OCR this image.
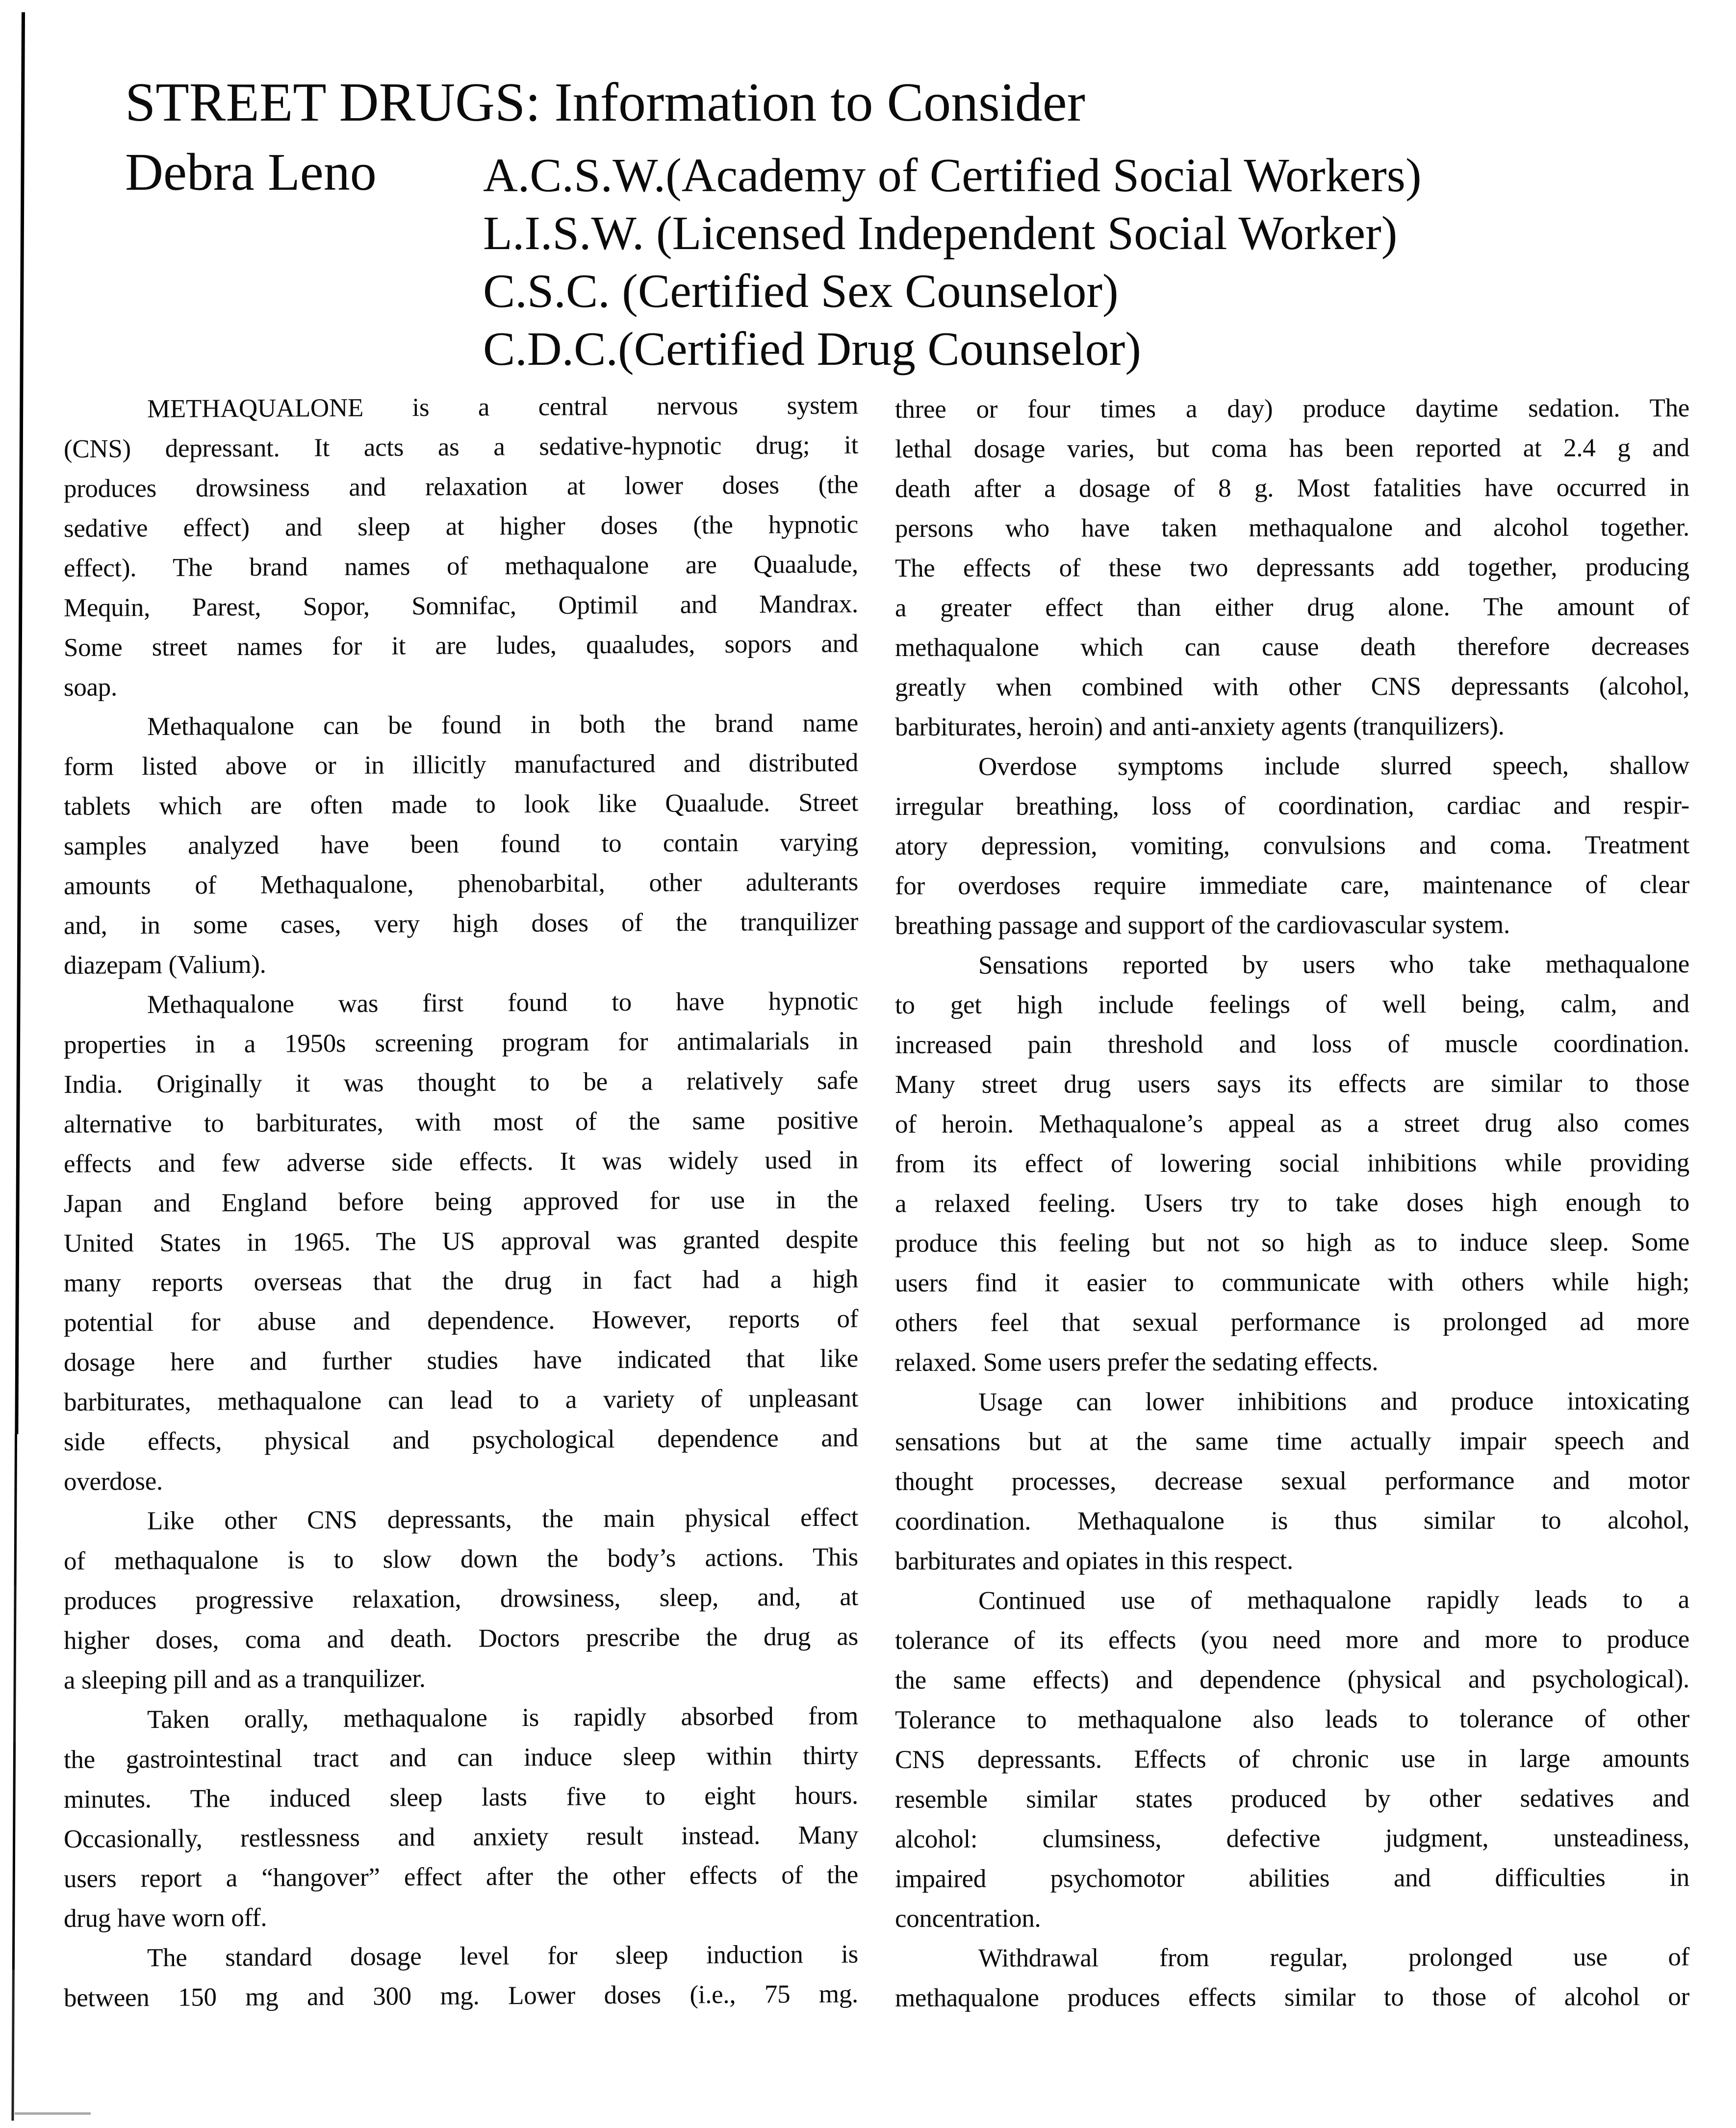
STREET DRUGS: Information to Consider
Debra Leno A.C.S.W.(Academy of Certified Social Workers)
L.I.S.W. (Licensed Independent Social Worker)
C.S.C. (Certified Sex Counselor)
C.D.C.(Certified Drug Counselor)
METHAQUALONE is a central nervous system
(CNS) depressant. It acts as a sedative-hypnotic drug; it
produces drowsiness and relaxation at lower doses (the
sedative effect) and sleep at higher doses (the hypnotic
effect). The brand names of methaqualone are Quaalude,
Mequin, Parest, Sopor, Somnifac, Optimil and Mandrax.
Some street names for it are ludes, quaaludes, sopors and
soap.
Methaqualone can be found in both the brand name
form listed above or in illicitly manufactured and distributed
tablets which are often made to look like Quaalude. Street
samples analyzed have been found to contain varying
amounts of Methaqualone, phenobarbital, other adulterants
and, in some cases, very high doses of the tranquilizer
diazepam (Valium).
Methaqualone was first found to have hypnotic
properties in a 1950s screening program for antimalarials in
India. Originally it was thought to be a relatively safe
alternative to barbiturates, with most of the same positive
effects and few adverse side effects. It was widely used in
Japan and England before being approved for use in the
United States in 1965. The US approval was granted despite
many reports overseas that the drug in fact had a high
potential for abuse and dependence. However, reports of
dosage here and further studies have indicated that like
barbiturates, methaqualone can lead to a variety of unpleasant
side effects, physical and psychological dependence and
overdose.
Like other CNS depressants, the main physical effect
of methaqualone is to slow down the body’s actions. This
produces progressive relaxation, drowsiness, sleep, and, at
higher doses, coma and death. Doctors prescribe the drug as
a sleeping pill and as a tranquilizer.
Taken orally, methaqualone is rapidly absorbed from
the gastrointestinal tract and can induce sleep within thirty
minutes. The induced sleep lasts five to eight hours.
Occasionally, restlessness and anxiety result instead. Many
users report a “hangover” effect after the other effects of the
drug have worn off.
The standard dosage level for sleep induction is
between 150 mg and 300 mg. Lower doses (i.e., 75 mg.
three or four times a day) produce daytime sedation. The
lethal dosage varies, but coma has been reported at 2.4 g and
death after a dosage of 8 g. Most fatalities have occurred in
persons who have taken methaqualone and alcohol together.
The effects of these two depressants add together, producing
a greater effect than either drug alone. The amount of
methaqualone which can cause death therefore decreases
greatly when combined with other CNS depressants (alcohol,
barbiturates, heroin) and anti-anxiety agents (tranquilizers).
Overdose symptoms include slurred speech, shallow
irregular breathing, loss of coordination, cardiac and respir-
atory depression, vomiting, convulsions and coma. Treatment
for overdoses require immediate care, maintenance of clear
breathing passage and support of the cardiovascular system.
Sensations reported by users who take methaqualone
to get high include feelings of well being, calm, and
increased pain threshold and loss of muscle coordination.
Many street drug users says its effects are similar to those
of heroin. Methaqualone’s appeal as a street drug also comes
from its effect of lowering social inhibitions while providing
a relaxed feeling. Users try to take doses high enough to
produce this feeling but not so high as to induce sleep. Some
users find it easier to communicate with others while high;
others feel that sexual performance is prolonged ad more
relaxed. Some users prefer the sedating effects.
Usage can lower inhibitions and produce intoxicating
sensations but at the same time actually impair speech and
thought processes, decrease sexual performance and motor
coordination. Methaqualone is thus similar to alcohol,
barbiturates and opiates in this respect.
Continued use of methaqualone rapidly leads to a
tolerance of its effects (you need more and more to produce
the same effects) and dependence (physical and psychological).
Tolerance to methaqualone also leads to tolerance of other
CNS depressants. Effects of chronic use in large amounts
resemble similar states produced by other sedatives and
alcohol: clumsiness, defective judgment, unsteadiness,
impaired psychomotor abilities and difficulties in
concentration.
Withdrawal from regular, prolonged use of
methaqualone produces effects similar to those of alcohol or
